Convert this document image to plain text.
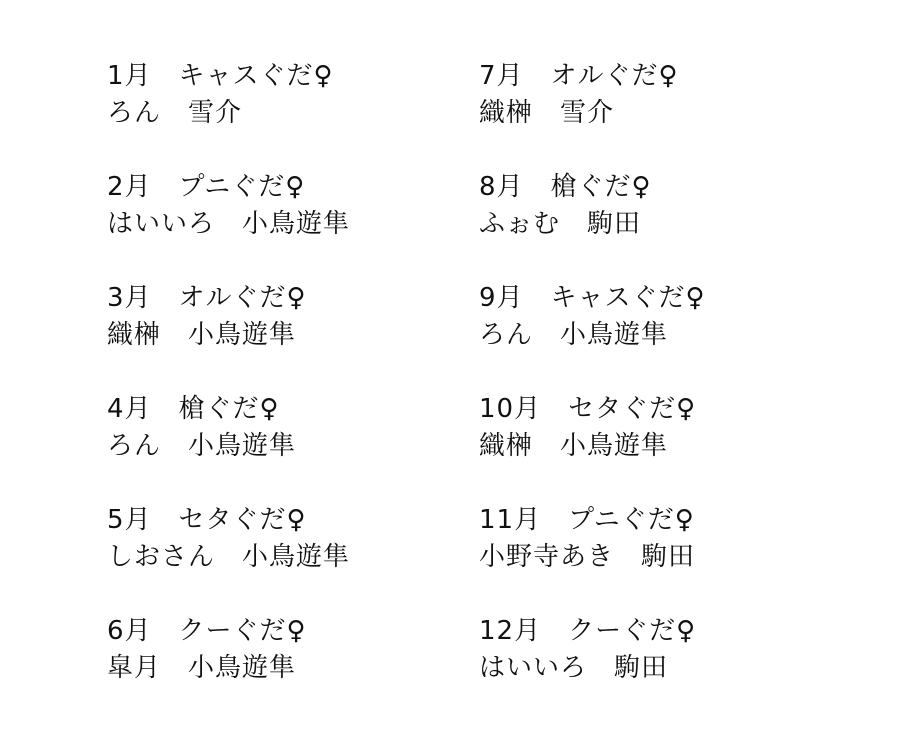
1月　キャスぐだ♀
ろん　雪介
2月　プニぐだ♀
はいいろ　小鳥遊隼
3月　オルぐだ♀
織榊　小鳥遊隼
4月　槍ぐだ♀
ろん　小鳥遊隼
5月　セタぐだ♀
しおさん　小鳥遊隼
6月　クーぐだ♀
皐月　小鳥遊隼
7月　オルぐだ♀
織榊　雪介
8月　槍ぐだ♀
ふぉむ　駒田
9月　キャスぐだ♀
ろん　小鳥遊隼
10月　セタぐだ♀
織榊　小鳥遊隼
11月　プニぐだ♀
小野寺あき　駒田
12月　クーぐだ♀
はいいろ　駒田
